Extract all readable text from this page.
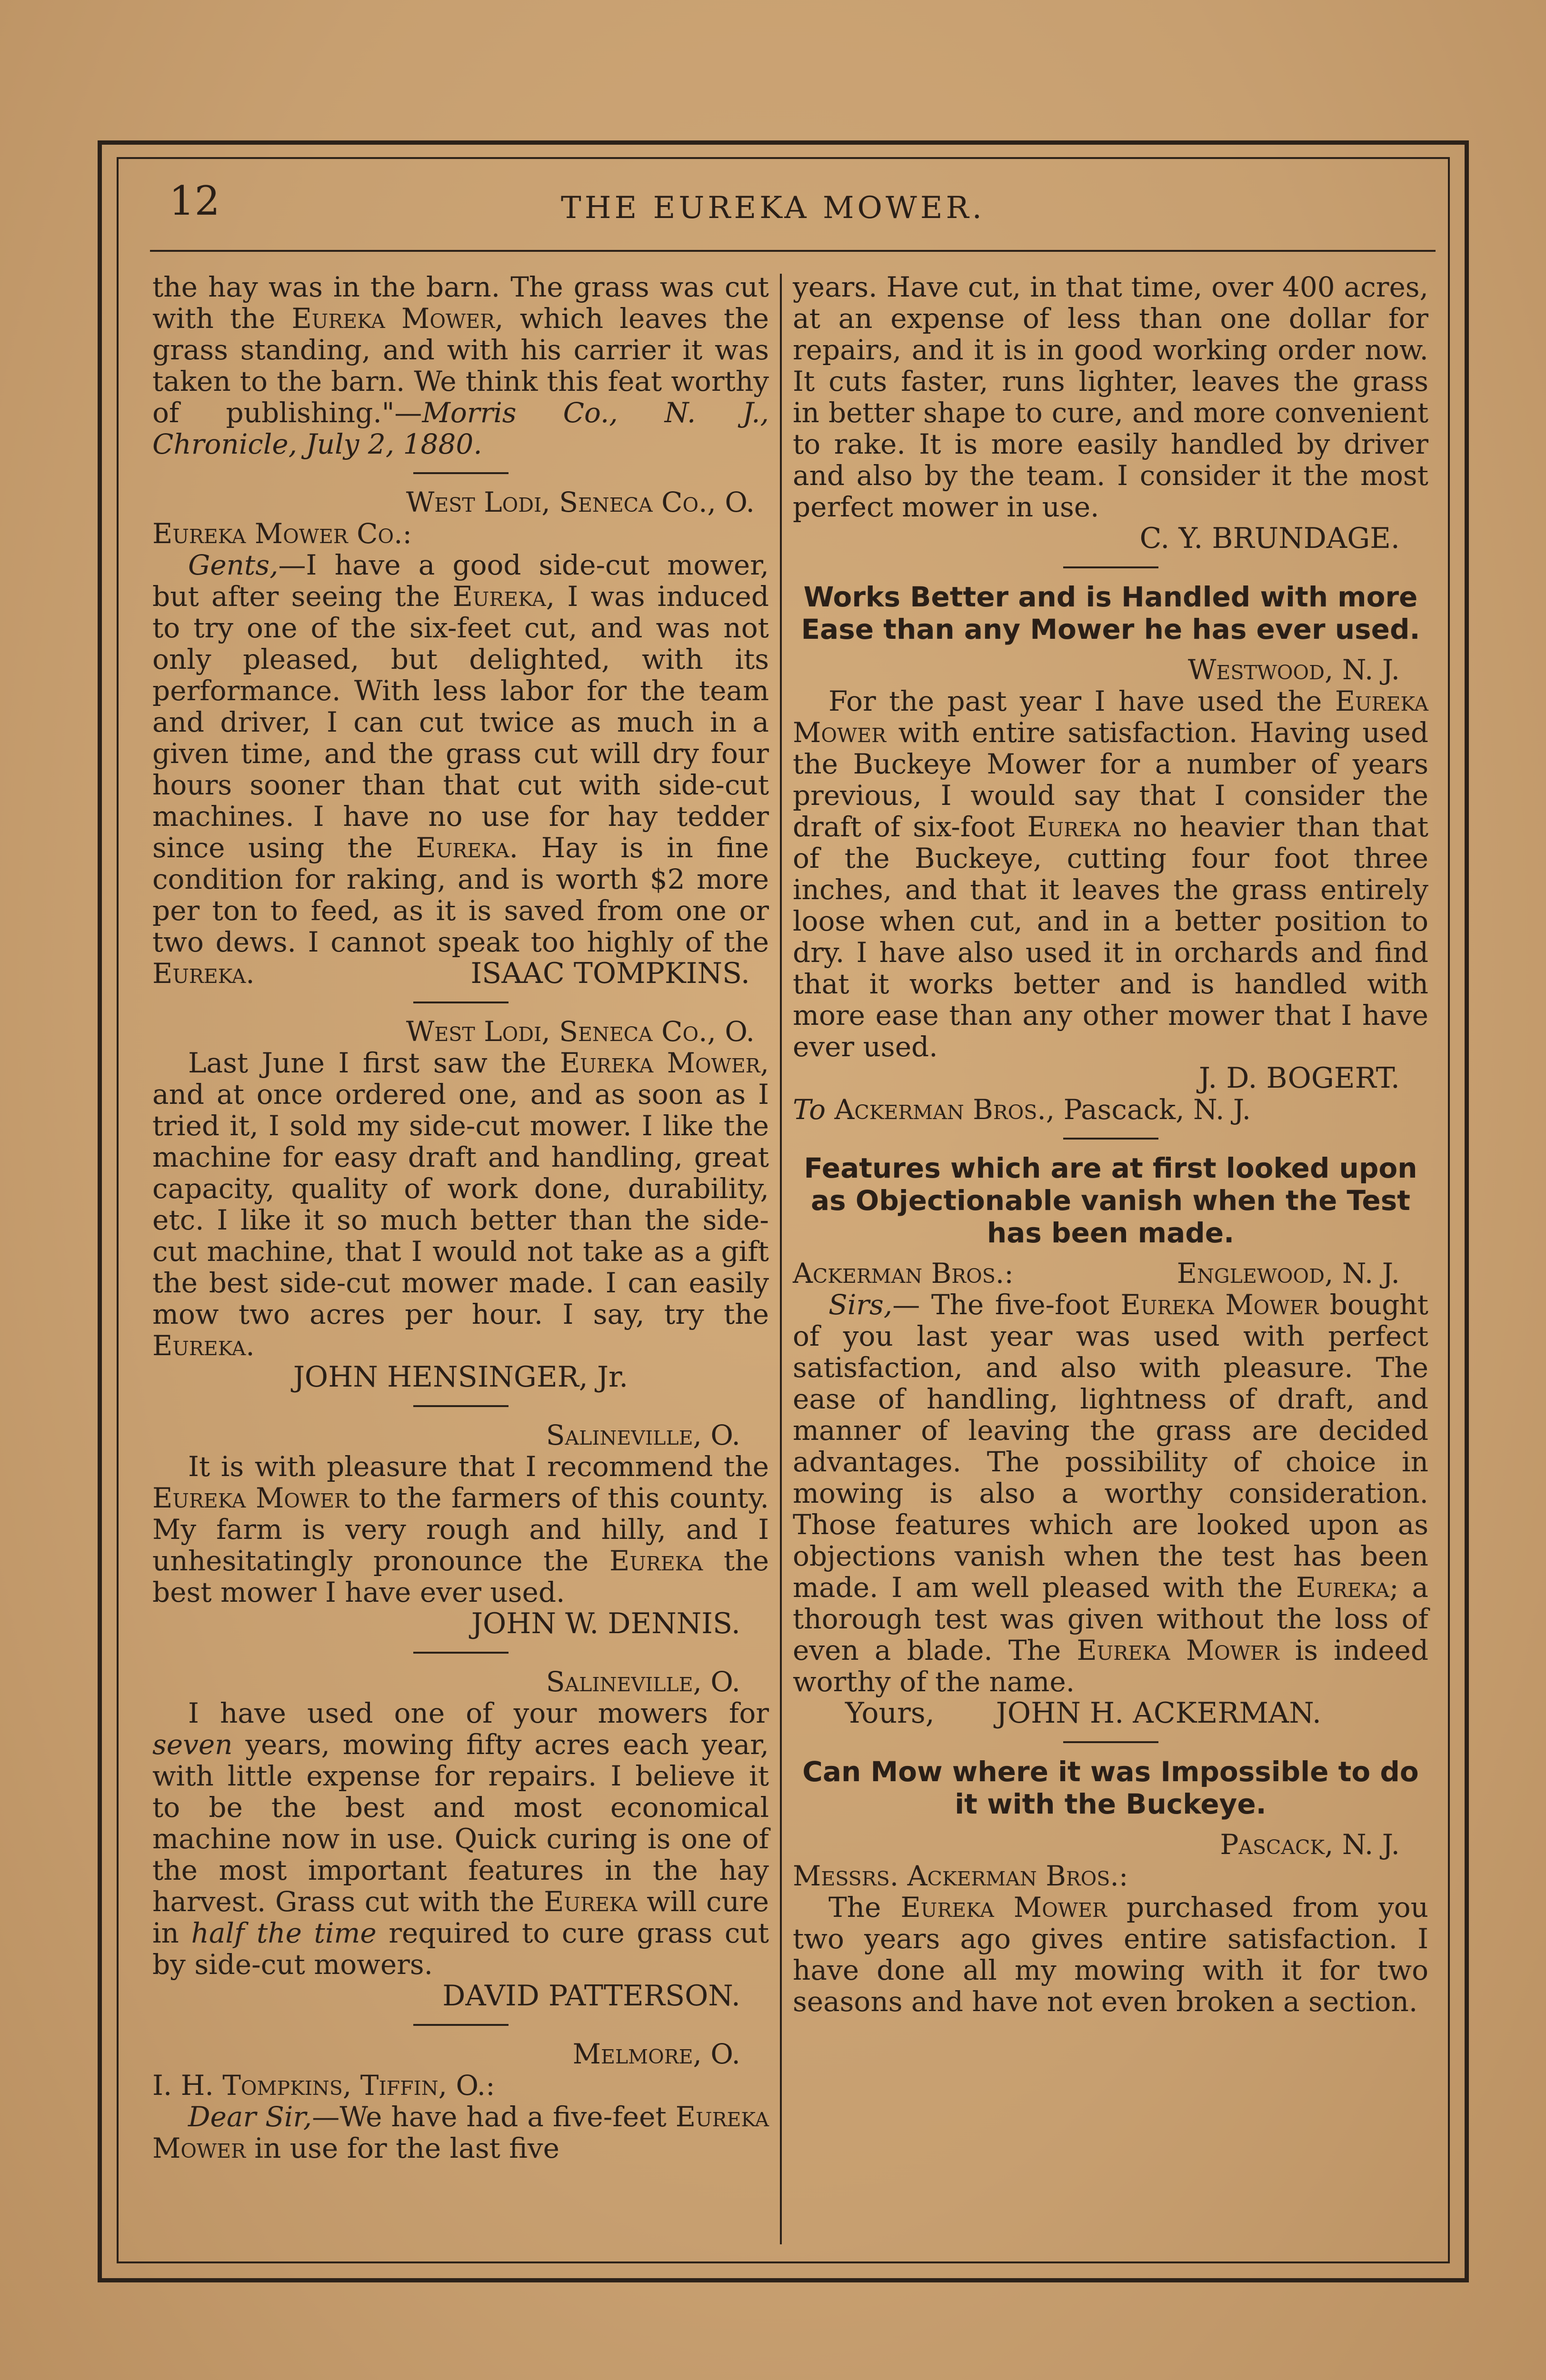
12	THE EUREKA MOWER.

the hay was in the barn. The grass was cut with the Eureka Mower, which leaves the grass standing, and with his carrier it was taken to the barn. We think this feat worthy of publishing."—Morris Co., N. J., Chronicle, July 2, 1880.

West Lodi, Seneca Co., O.

Eureka Mower Co.:

Gents,—I have a good side-cut mower, but after seeing the Eureka, I was induced to try one of the six-feet cut, and was not only pleased, but delighted, with its performance. With less labor for the team and driver, I can cut twice as much in a given time, and the grass cut will dry four hours sooner than that cut with side-cut machines. I have no use for hay tedder since using the Eureka. Hay is in fine condition for raking, and is worth $2 more per ton to feed, as it is saved from one or two dews. I cannot speak too highly of the Eureka.	ISAAC TOMPKINS.

West Lodi, Seneca Co., O.

Last June I first saw the Eureka Mower, and at once ordered one, and as soon as I tried it, I sold my side-cut mower. I like the machine for easy draft and handling, great capacity, quality of work done, durability, etc. I like it so much better than the side-cut machine, that I would not take as a gift the best side-cut mower made. I can easily mow two acres per hour. I say, try the Eureka.

JOHN HENSINGER, Jr.

Salineville, O.

It is with pleasure that I recommend the Eureka Mower to the farmers of this county. My farm is very rough and hilly, and I unhesitatingly pronounce the Eureka the best mower I have ever used.

JOHN W. DENNIS.

Salineville, O.

I have used one of your mowers for seven years, mowing fifty acres each year, with little expense for repairs. I believe it to be the best and most economical machine now in use. Quick curing is one of the most important features in the hay harvest. Grass cut with the Eureka will cure in half the time required to cure grass cut by side-cut mowers.

DAVID PATTERSON.

Melmore, O.

I. H. Tompkins, Tiffin, O.:

Dear Sir,—We have had a five-feet Eureka Mower in use for the last five

years. Have cut, in that time, over 400 acres, at an expense of less than one dollar for repairs, and it is in good working order now. It cuts faster, runs lighter, leaves the grass in better shape to cure, and more convenient to rake. It is more easily handled by driver and also by the team. I consider it the most perfect mower in use.

C. Y. BRUNDAGE.

Works Better and is Handled with more Ease than any Mower he has ever used.

Westwood, N. J.

For the past year I have used the Eureka Mower with entire satisfaction. Having used the Buckeye Mower for a number of years previous, I would say that I consider the draft of six-foot Eureka no heavier than that of the Buckeye, cutting four foot three inches, and that it leaves the grass entirely loose when cut, and in a better position to dry. I have also used it in orchards and find that it works better and is handled with more ease than any other mower that I have ever used.

J. D. BOGERT.

To Ackerman Bros., Pascack, N. J.

Features which are at first looked upon as Objectionable vanish when the Test has been made.

Ackerman Bros.:	Englewood, N. J.

Sirs,— The five-foot Eureka Mower bought of you last year was used with perfect satisfaction, and also with pleasure. The ease of handling, lightness of draft, and manner of leaving the grass are decided advantages. The possibility of choice in mowing is also a worthy consideration. Those features which are looked upon as objections vanish when the test has been made. I am well pleased with the Eureka; a thorough test was given without the loss of even a blade. The Eureka Mower is indeed worthy of the name.

Yours, JOHN H. ACKERMAN.

Can Mow where it was Impossible to do it with the Buckeye.

Pascack, N. J.

Messrs. Ackerman Bros.:

The Eureka Mower purchased from you two years ago gives entire satisfaction. I have done all my mowing with it for two seasons and have not even broken a section.
